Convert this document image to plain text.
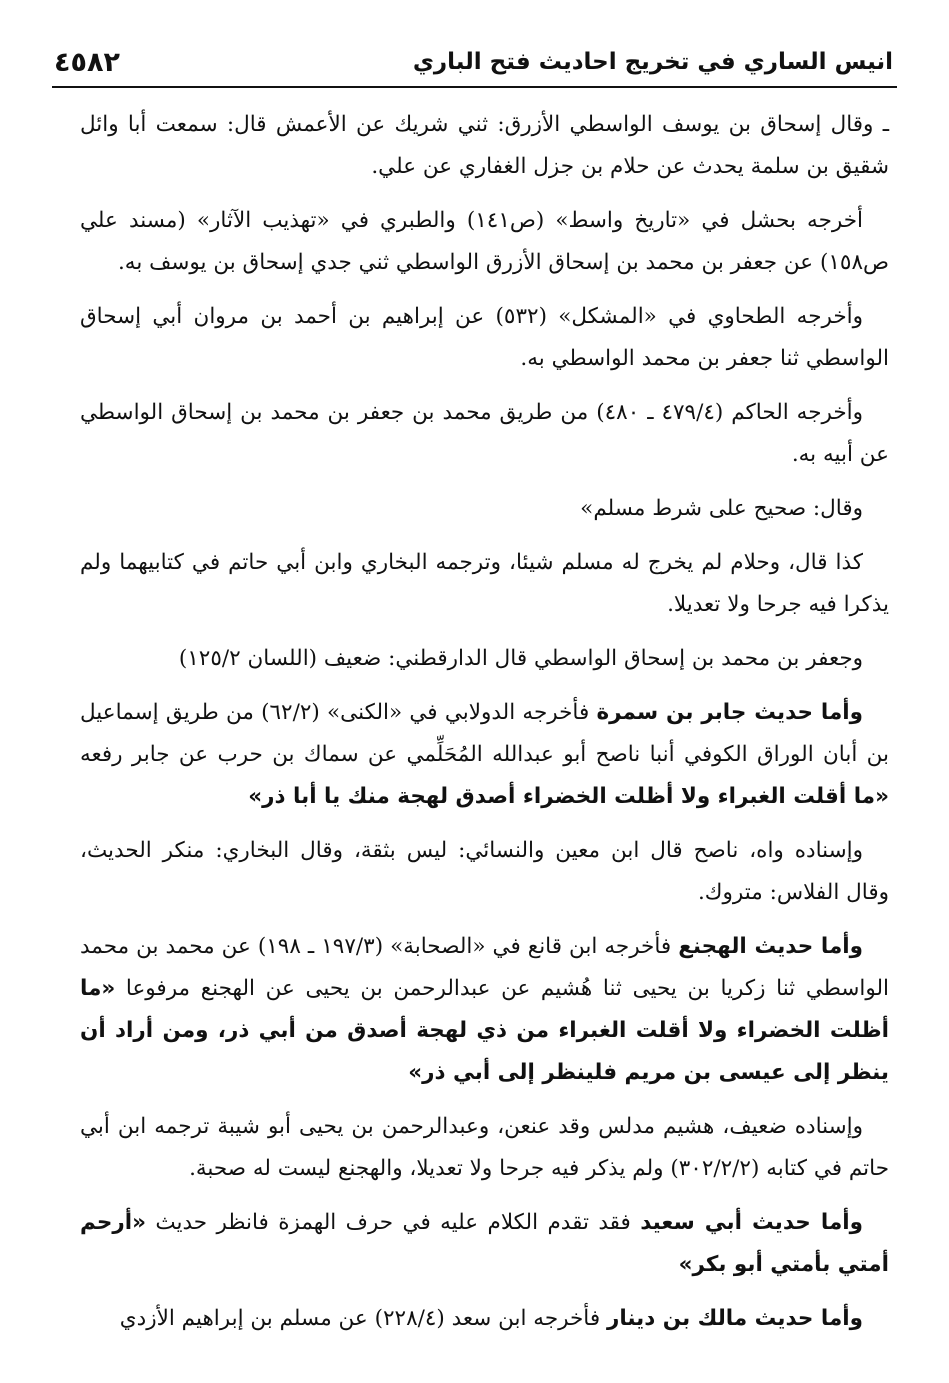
٤٥٨٢	انيس الساري في تخريج احاديث فتح الباري

ـ وقال إسحاق بن يوسف الواسطي الأزرق: ثني شريك عن الأعمش قال: سمعت أبا وائل شقيق بن سلمة يحدث عن حلام بن جزل الغفاري عن علي.

أخرجه بحشل في «تاريخ واسط» (ص١٤١) والطبري في «تهذيب الآثار» (مسند علي ص١٥٨) عن جعفر بن محمد بن إسحاق الأزرق الواسطي ثني جدي إسحاق بن يوسف به.

وأخرجه الطحاوي في «المشكل» (٥٣٢) عن إبراهيم بن أحمد بن مروان أبي إسحاق الواسطي ثنا جعفر بن محمد الواسطي به.

وأخرجه الحاكم (٤٧٩/٤ ـ ٤٨٠) من طريق محمد بن جعفر بن محمد بن إسحاق الواسطي عن أبيه به.

وقال: صحيح على شرط مسلم»

كذا قال، وحلام لم يخرج له مسلم شيئا، وترجمه البخاري وابن أبي حاتم في كتابيهما ولم يذكرا فيه جرحا ولا تعديلا.

وجعفر بن محمد بن إسحاق الواسطي قال الدارقطني: ضعيف (اللسان ١٢٥/٢)

وأما حديث جابر بن سمرة فأخرجه الدولابي في «الكنى» (٦٢/٢) من طريق إسماعيل بن أبان الوراق الكوفي أنبا ناصح أبو عبدالله المُحَلِّمي عن سماك بن حرب عن جابر رفعه «ما أقلت الغبراء ولا أظلت الخضراء أصدق لهجة منك يا أبا ذر»

وإسناده واه، ناصح قال ابن معين والنسائي: ليس بثقة، وقال البخاري: منكر الحديث، وقال الفلاس: متروك.

وأما حديث الهجنع فأخرجه ابن قانع في «الصحابة» (١٩٧/٣ ـ ١٩٨) عن محمد بن محمد الواسطي ثنا زكريا بن يحيى ثنا هُشيم عن عبدالرحمن بن يحيى عن الهجنع مرفوعا «ما أظلت الخضراء ولا أقلت الغبراء من ذي لهجة أصدق من أبي ذر، ومن أراد أن ينظر إلى عيسى بن مريم فلينظر إلى أبي ذر»

وإسناده ضعيف، هشيم مدلس وقد عنعن، وعبدالرحمن بن يحيى أبو شيبة ترجمه ابن أبي حاتم في كتابه (٣٠٢/٢/٢) ولم يذكر فيه جرحا ولا تعديلا، والهجنع ليست له صحبة.

وأما حديث أبي سعيد فقد تقدم الكلام عليه في حرف الهمزة فانظر حديث «أرحم أمتي بأمتي أبو بكر»

وأما حديث مالك بن دينار فأخرجه ابن سعد (٢٢٨/٤) عن مسلم بن إبراهيم الأزدي
